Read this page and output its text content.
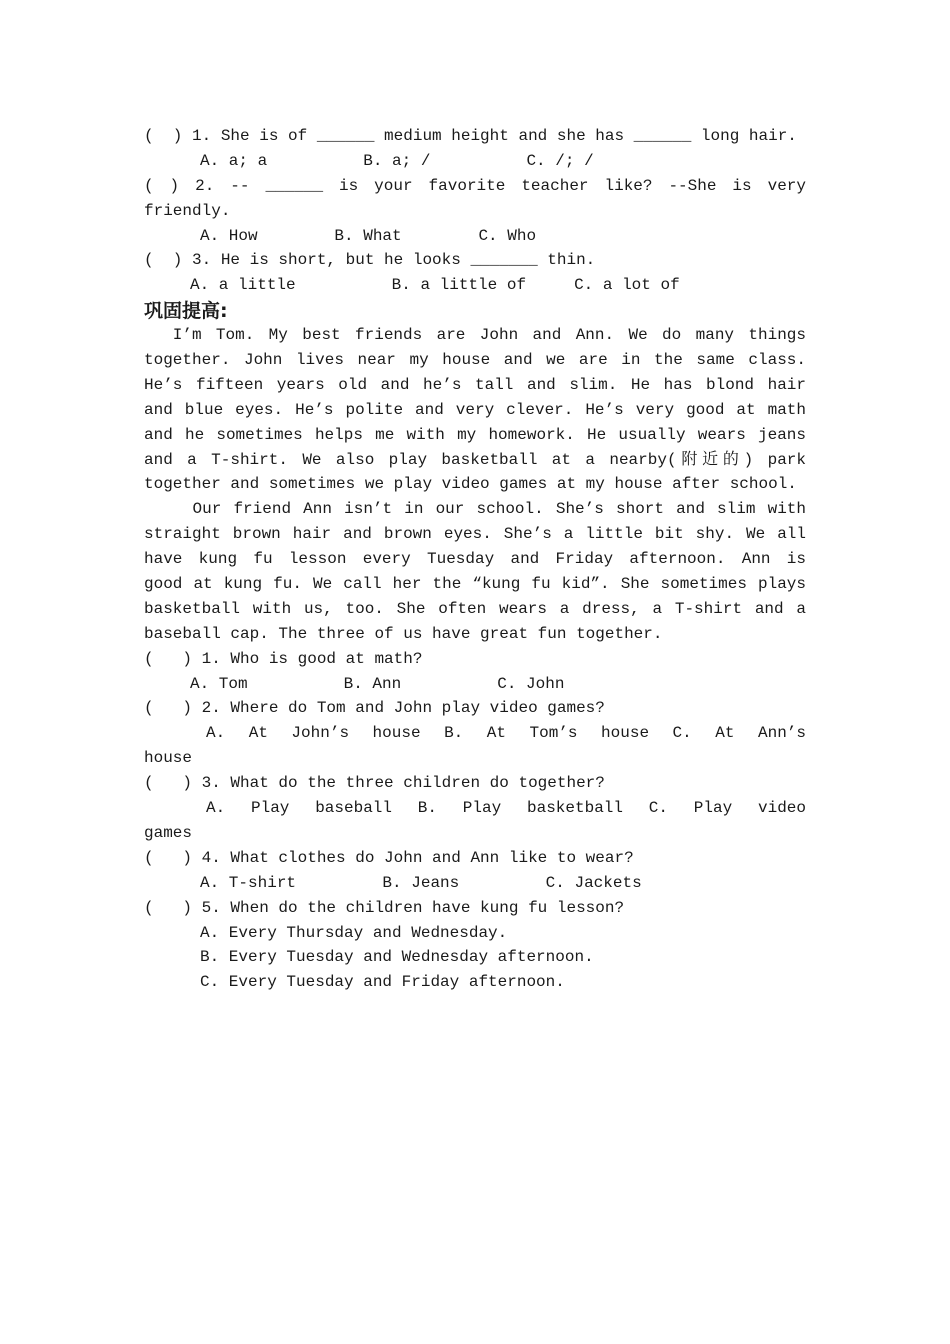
(  ) 1. She is of ______ medium height and she has ______ long hair.
A. a; a          B. a; /          C. /; /
( ) 2. -- ______ is your favorite teacher like? --She is very
friendly.
A. How        B. What        C. Who
(  ) 3. He is short, but he looks _______ thin.
A. a little          B. a little of     C. a lot of
巩固提高:
I’m Tom. My best friends are John and Ann. We do many things
together. John lives near my house and we are in the same class.
He’s fifteen years old and he’s tall and slim. He has blond hair
and blue eyes. He’s polite and very clever. He’s very good at math
and he sometimes helps me with my homework. He usually wears jeans
and a T-shirt. We also play basketball at a nearby(附近的) park
together and sometimes we play video games at my house after school.
Our friend Ann isn’t in our school. She’s short and slim with
straight brown hair and brown eyes. She’s a little bit shy. We all
have kung fu lesson every Tuesday and Friday afternoon. Ann is
good at kung fu. We call her the “kung fu kid”. She sometimes plays
basketball with us, too. She often wears a dress, a T-shirt and a
baseball cap. The three of us have great fun together.
(   ) 1. Who is good at math?
A. Tom          B. Ann          C. John
(   ) 2. Where do Tom and John play video games?
A. At John’s house B. At Tom’s house C. At Ann’s
house
(   ) 3. What do the three children do together?
A. Play baseball B. Play basketball C. Play video
games
(   ) 4. What clothes do John and Ann like to wear?
A. T-shirt         B. Jeans         C. Jackets
(   ) 5. When do the children have kung fu lesson?
A. Every Thursday and Wednesday.
B. Every Tuesday and Wednesday afternoon.
C. Every Tuesday and Friday afternoon.
